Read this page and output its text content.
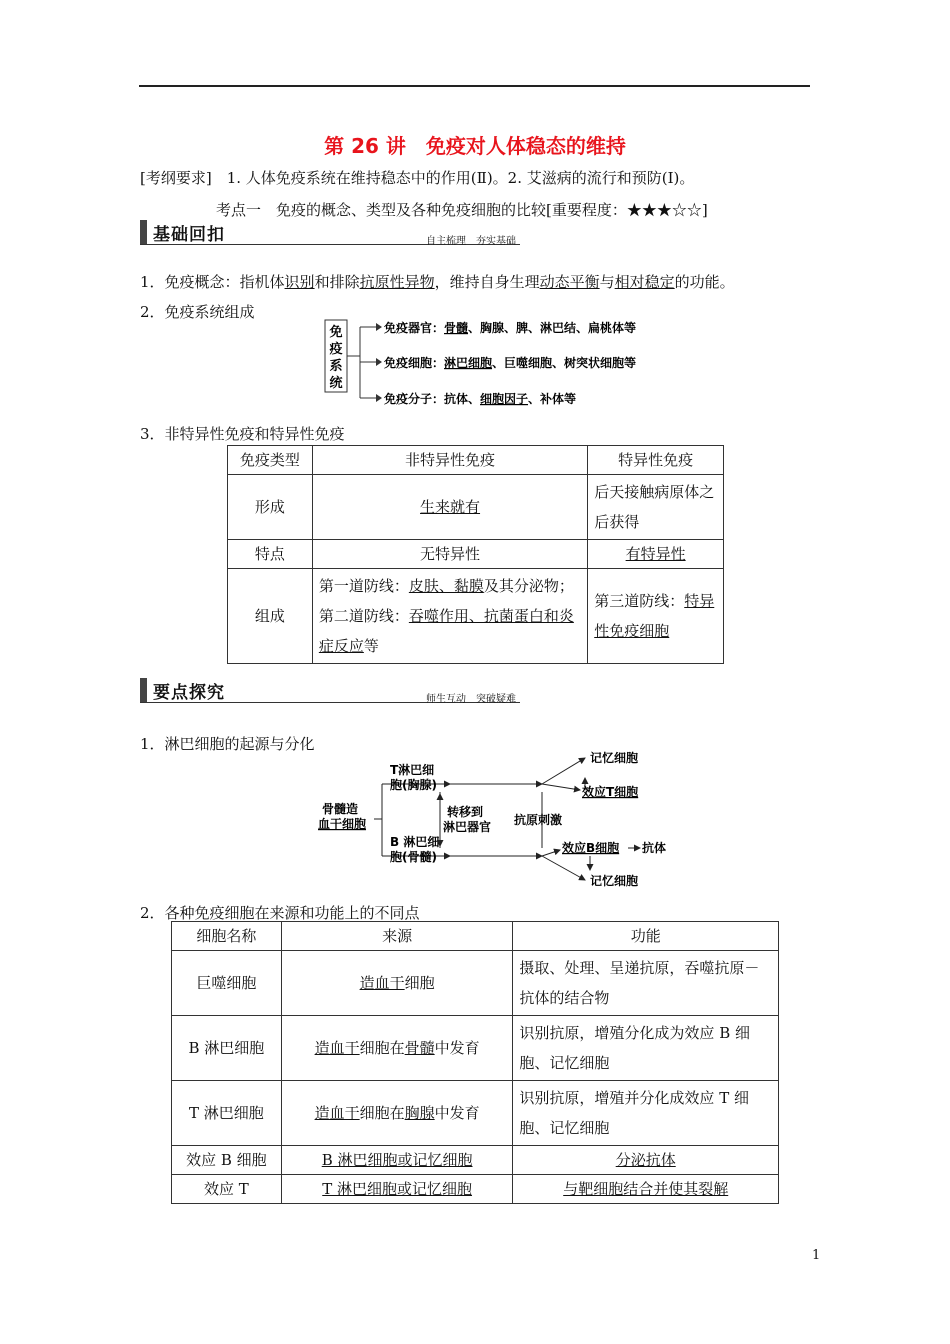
第 26 讲　免疫对人体稳态的维持
[考纲要求]　1. 人体免疫系统在维持稳态中的作用(Ⅱ)。2. 艾滋病的流行和预防(Ⅰ)。
考点一　免疫的概念、类型及各种免疫细胞的比较[重要程度：★★★☆☆]
基础回扣	自主梳理　夯实基础
1．免疫概念：指机体识别和排除抗原性异物，维持自身生理动态平衡与相对稳定的功能。
2．免疫系统组成
免
疫
系
统
免疫器官：骨髓、胸腺、脾、淋巴结、扁桃体等
免疫细胞：淋巴细胞、巨噬细胞、树突状细胞等
免疫分子：抗体、细胞因子、补体等
3．非特异性免疫和特异性免疫
免疫类型	非特异性免疫	特异性免疫
形成	生来就有	后天接触病原体之后获得
特点	无特异性	有特异性
组成	第一道防线：皮肤、黏膜及其分泌物；第二道防线：吞噬作用、抗菌蛋白和炎症反应等	第三道防线：特异性免疫细胞
要点探究	师生互动　突破疑难
1．淋巴细胞的起源与分化
骨髓造
血干细胞
T淋巴细
胞(胸腺)
B 淋巴细
胞(骨髓)
转移到
淋巴器官 抗原刺激
记忆细胞
效应T细胞
效应B细胞 抗体
记忆细胞
2．各种免疫细胞在来源和功能上的不同点
细胞名称	来源	功能
巨噬细胞	造血干细胞	摄取、处理、呈递抗原，吞噬抗原－抗体的结合物
B 淋巴细胞	造血干细胞在骨髓中发育	识别抗原，增殖分化成为效应 B 细胞、记忆细胞
T 淋巴细胞	造血干细胞在胸腺中发育	识别抗原，增殖并分化成效应 T 细胞、记忆细胞
效应 B 细胞	B 淋巴细胞或记忆细胞	分泌抗体
效应 T	T 淋巴细胞或记忆细胞	与靶细胞结合并使其裂解
1
